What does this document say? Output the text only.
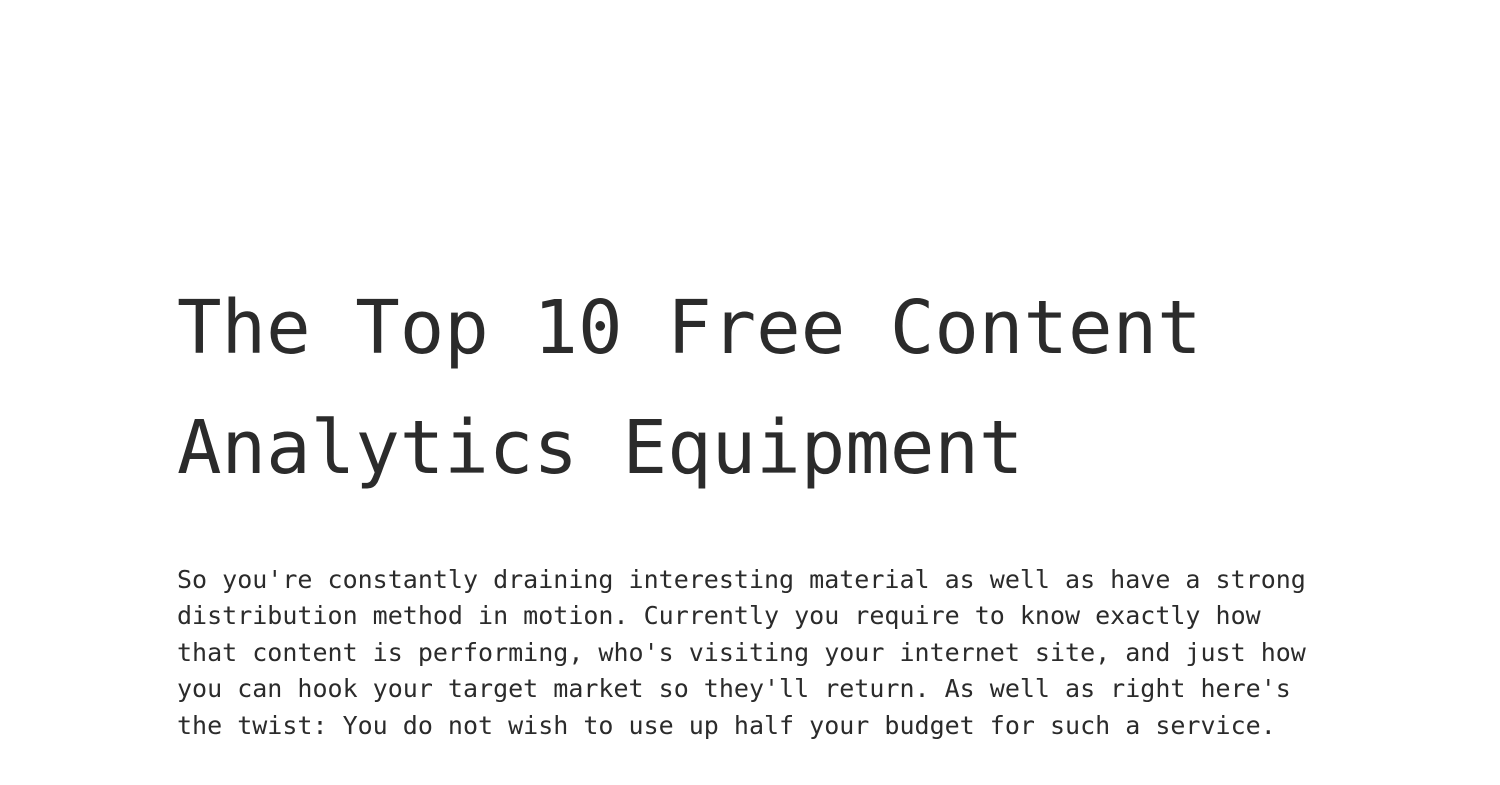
The Top 10 Free Content Analytics Equipment

So you're constantly draining interesting material as well as have a strong distribution method in motion. Currently you require to know exactly how that content is performing, who's visiting your internet site, and just how you can hook your target market so they'll return. As well as right here's the twist: You do not wish to use up half your budget for such a service.
